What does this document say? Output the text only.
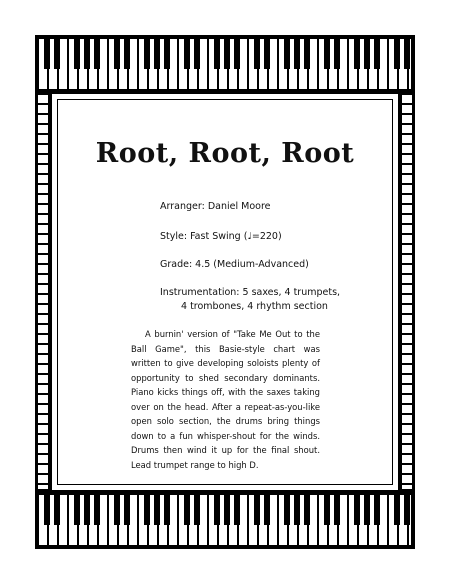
Root, Root, Root
Arranger: Daniel Moore
Style: Fast Swing (♩=220)
Grade: 4.5 (Medium-Advanced)
Instrumentation: 5 saxes, 4 trumpets,
4 trombones, 4 rhythm section
A burnin' version of "Take Me Out to the Ball Game", this Basie-style chart was written to give developing soloists plenty of opportunity to shed secondary dominants. Piano kicks things off, with the saxes taking over on the head. After a repeat-as-you-like open solo section, the drums bring things down to a fun whisper-shout for the winds. Drums then wind it up for the final shout. Lead trumpet range to high D.
